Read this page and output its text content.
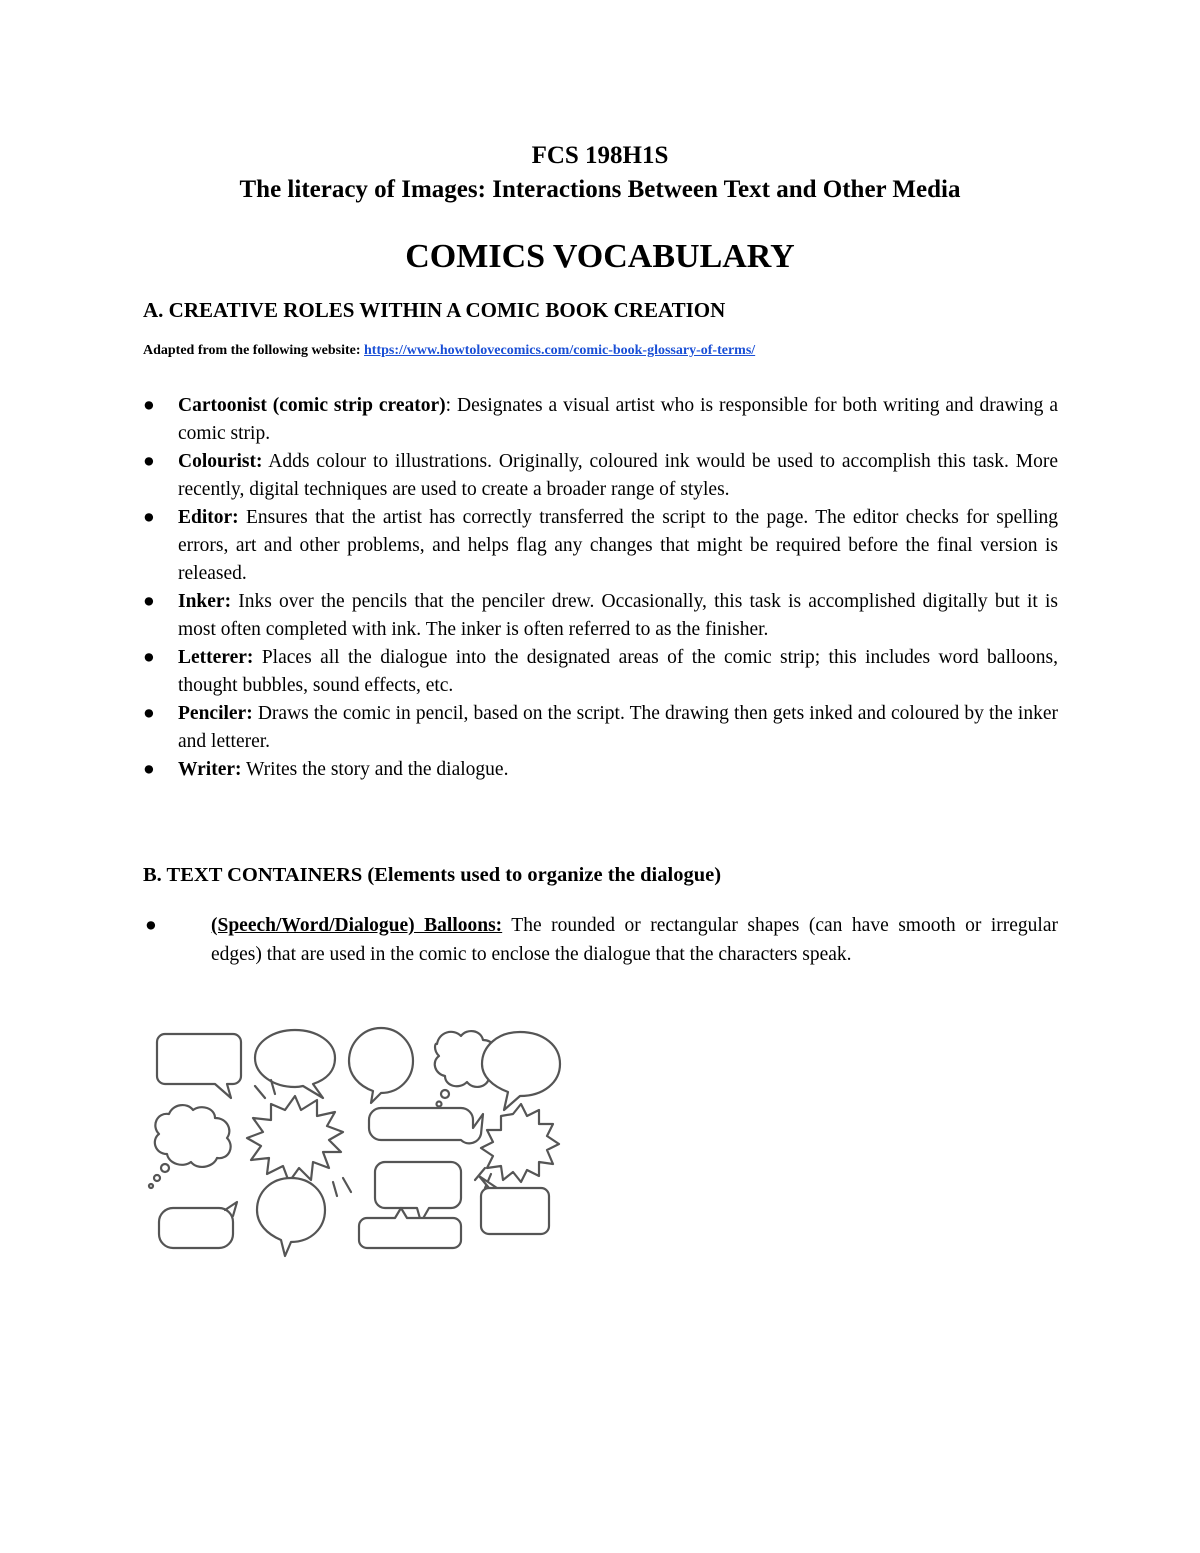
FCS 198H1S
The literacy of Images: Interactions Between Text and Other Media
COMICS VOCABULARY
A. CREATIVE ROLES WITHIN A COMIC BOOK CREATION
Adapted from the following website: https://www.howtolovecomics.com/comic-book-glossary-of-terms/
●	Cartoonist (comic strip creator): Designates a visual artist who is responsible for both writing and drawing a comic strip.
●	Colourist: Adds colour to illustrations. Originally, coloured ink would be used to accomplish this task. More recently, digital techniques are used to create a broader range of styles.
●	Editor: Ensures that the artist has correctly transferred the script to the page. The editor checks for spelling errors, art and other problems, and helps flag any changes that might be required before the final version is released.
●	Inker: Inks over the pencils that the penciler drew. Occasionally, this task is accomplished digitally but it is most often completed with ink. The inker is often referred to as the finisher.
●	Letterer: Places all the dialogue into the designated areas of the comic strip; this includes word balloons, thought bubbles, sound effects, etc.
●	Penciler: Draws the comic in pencil, based on the script. The drawing then gets inked and coloured by the inker and letterer.
●	Writer: Writes the story and the dialogue.
B. TEXT CONTAINERS (Elements used to organize the dialogue)
●	(Speech/Word/Dialogue) Balloons: The rounded or rectangular shapes (can have smooth or irregular edges) that are used in the comic to enclose the dialogue that the characters speak.
